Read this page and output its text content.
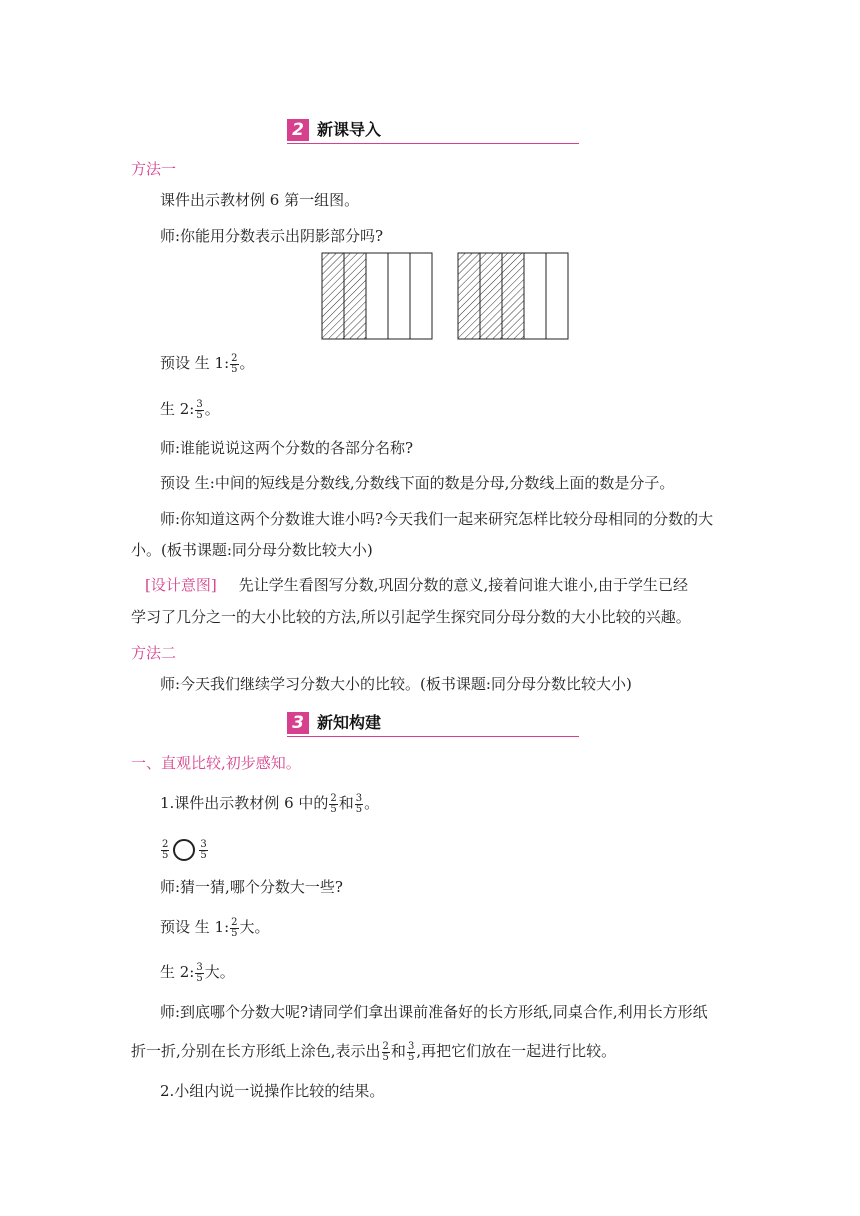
2 新课导入
方法一
课件出示教材例 6 第一组图。
师:你能用分数表示出阴影部分吗?
预设 生 1: $\frac{2}{5}$ 。
生 2: $\frac{3}{5}$ 。
师:谁能说说这两个分数的各部分名称?
预设 生:中间的短线是分数线,分数线下面的数是分母,分数线上面的数是分子。
师:你知道这两个分数谁大谁小吗?今天我们一起来研究怎样比较分母相同的分数的大
小。(板书课题:同分母分数比较大小)
[设计意图] 先让学生看图写分数,巩固分数的意义,接着问谁大谁小,由于学生已经
学习了几分之一的大小比较的方法,所以引起学生探究同分母分数的大小比较的兴趣。
方法二
师:今天我们继续学习分数大小的比较。(板书课题:同分母分数比较大小)
3 新知构建
一、直观比较,初步感知。
1.课件出示教材例 6 中的 $\frac{2}{5}$ 和 $\frac{3}{5}$ 。
$\frac{2}{5}$	$\frac{3}{5}$
师:猜一猜,哪个分数大一些?
预设 生 1: $\frac{2}{5}$ 大。
生 2: $\frac{3}{5}$ 大。
师:到底哪个分数大呢?请同学们拿出课前准备好的长方形纸,同桌合作,利用长方形纸
折一折,分别在长方形纸上涂色,表示出 $\frac{2}{5}$ 和 $\frac{3}{5}$ ,再把它们放在一起进行比较。
2.小组内说一说操作比较的结果。
